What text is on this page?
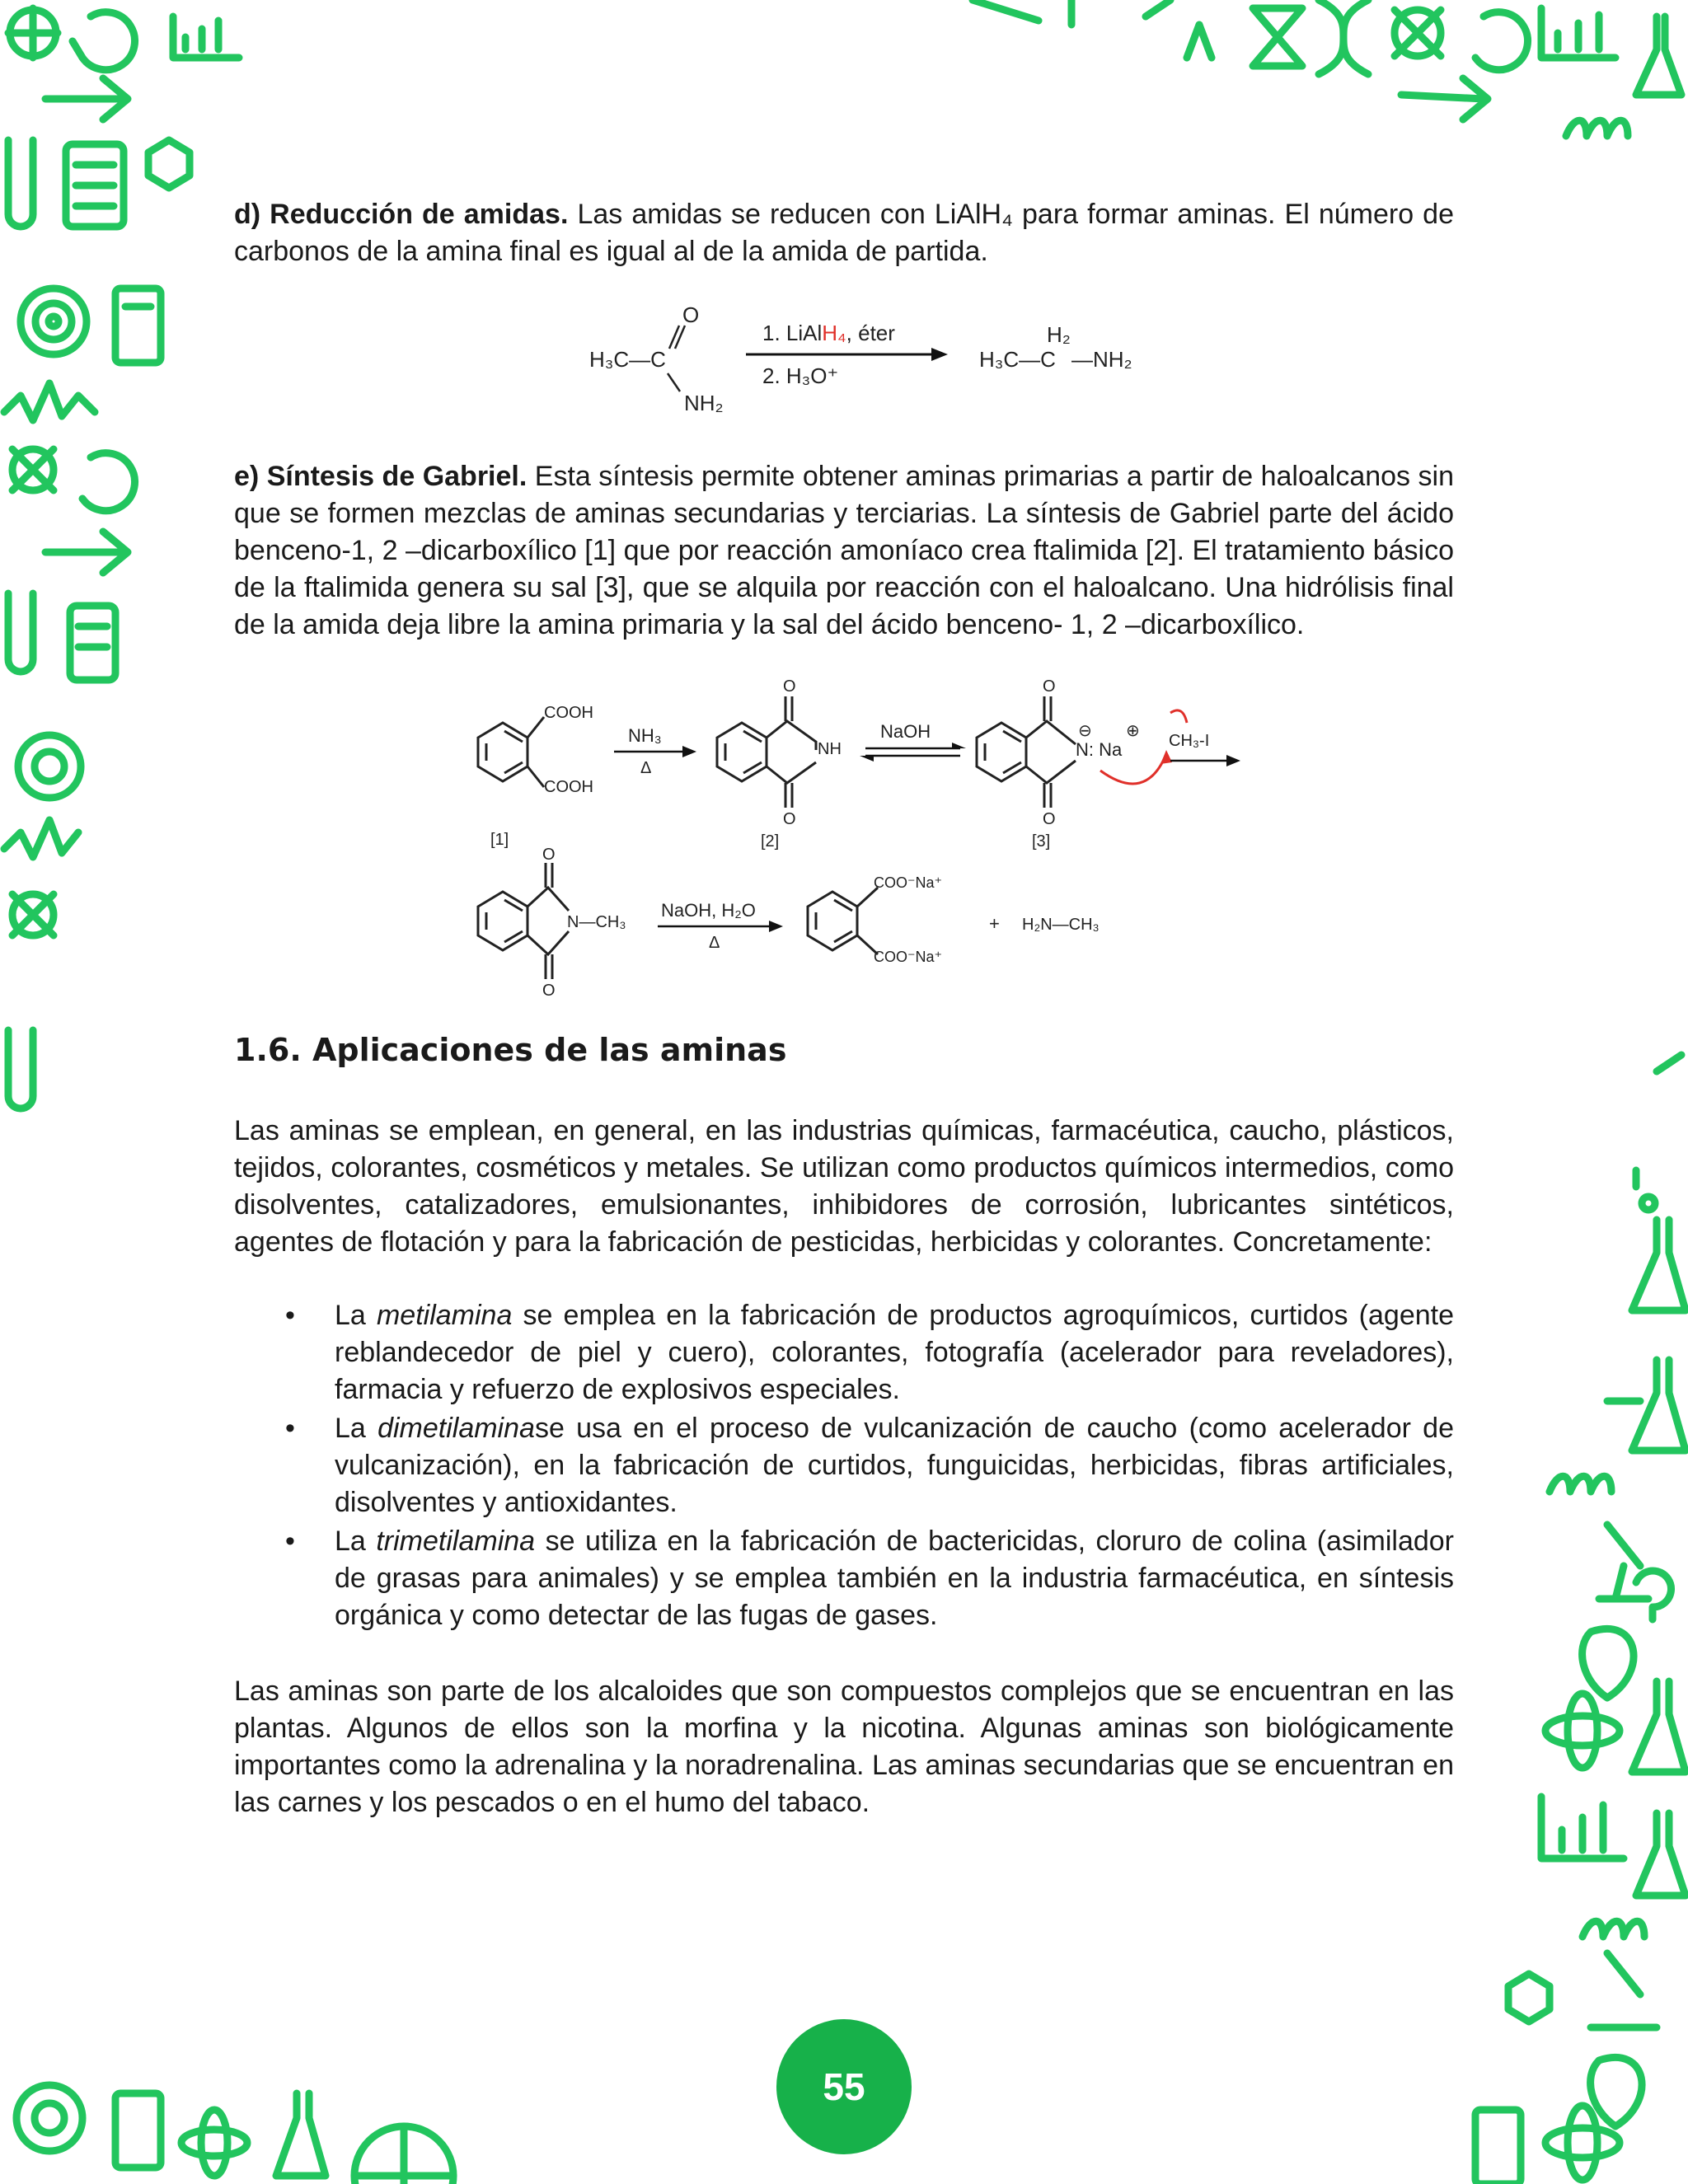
d) Reducción de amidas. Las amidas se reducen con LiAlH₄ para formar aminas. El número de carbonos de la amina final es igual al de la amida de partida.
H₃C—C
O
NH₂
1. LiAlH₄, éter
2. H₃O⁺
H₃C—C
H₂
—NH₂
e) Síntesis de Gabriel. Esta síntesis permite obtener aminas primarias a partir de haloalcanos sin que se formen mezclas de aminas secundarias y terciarias. La síntesis de Gabriel parte del ácido benceno-1, 2 –dicarboxílico [1] que por reacción amoníaco crea ftalimida [2]. El tratamiento básico de la ftalimida genera su sal [3], que se alquila por reacción con el haloalcano. Una hidrólisis final de la amida deja libre la amina primaria y la sal del ácido benceno- 1, 2 –dicarboxílico.
COOH
COOH
NH₃
Δ
O
O
NH
NaOH
O
O
⊖ ⊕
N: Na	CH₃-I
[1]	[2]	[3]
O
O
N—CH₃
NaOH, H₂O
Δ
COO⁻Na⁺
COO⁻Na⁺
+ H₂N—CH₃
1.6. Aplicaciones de las aminas
Las aminas se emplean, en general, en las industrias químicas, farmacéutica, caucho, plásticos, tejidos, colorantes, cosméticos y metales. Se utilizan como productos químicos intermedios, como disolventes, catalizadores, emulsionantes, inhibidores de corrosión, lubricantes sintéticos, agentes de flotación y para la fabricación de pesticidas, herbicidas y colorantes. Concretamente:
• La metilamina se emplea en la fabricación de productos agroquímicos, curtidos (agente reblandecedor de piel y cuero), colorantes, fotografía (acelerador para reveladores), farmacia y refuerzo de explosivos especiales.
• La dimetilaminase usa en el proceso de vulcanización de caucho (como acelerador de vulcanización), en la fabricación de curtidos, funguicidas, herbicidas, fibras artificiales, disolventes y antioxidantes.
• La trimetilamina se utiliza en la fabricación de bactericidas, cloruro de colina (asimilador de grasas para animales) y se emplea también en la industria farmacéutica, en síntesis orgánica y como detectar de las fugas de gases.
Las aminas son parte de los alcaloides que son compuestos complejos que se encuentran en las plantas. Algunos de ellos son la morfina y la nicotina. Algunas aminas son biológicamente importantes como la adrenalina y la noradrenalina. Las aminas secundarias que se encuentran en las carnes y los pescados o en el humo del tabaco.
55
